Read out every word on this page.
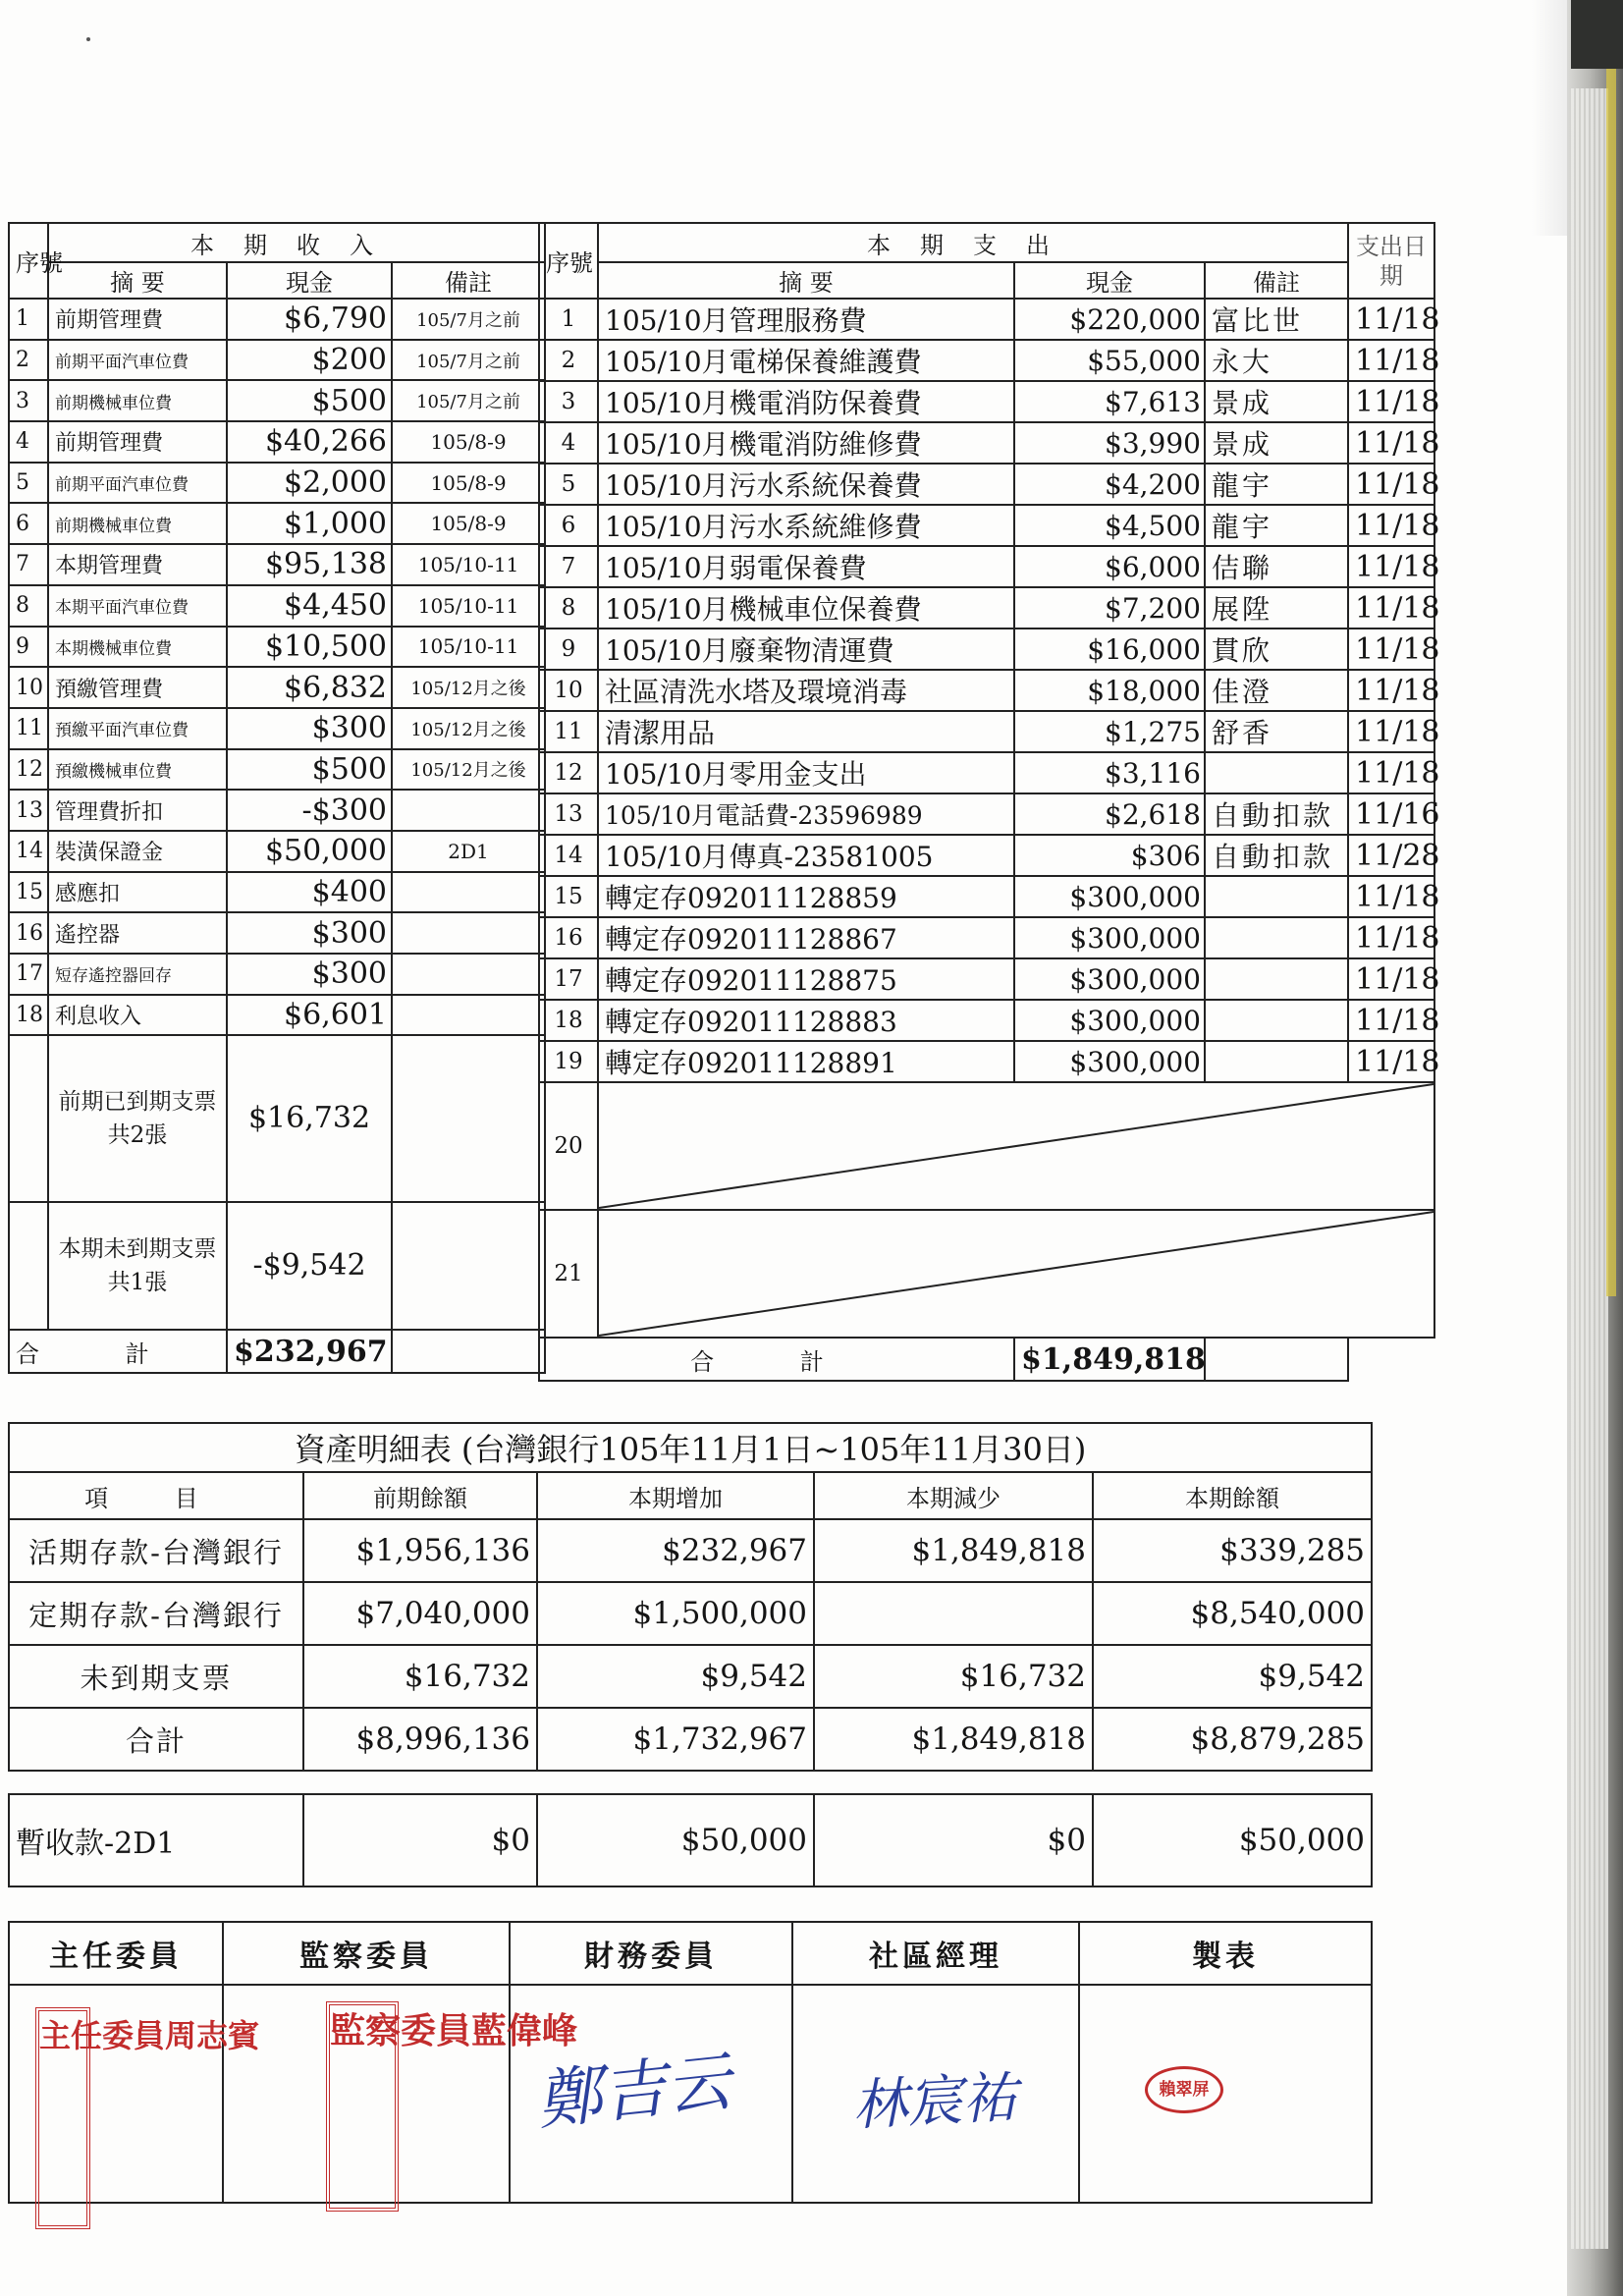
序號	本期收入		
	摘 要	現金	備註
1	前期管理費	$6,790	105/7月之前
2	前期平面汽車位費	$200	105/7月之前
3	前期機械車位費	$500	105/7月之前
4	前期管理費	$40,266	105/8-9
5	前期平面汽車位費	$2,000	105/8-9
6	前期機械車位費	$1,000	105/8-9
7	本期管理費	$95,138	105/10-11
8	本期平面汽車位費	$4,450	105/10-11
9	本期機械車位費	$10,500	105/10-11
10	預繳管理費	$6,832	105/12月之後
11	預繳平面汽車位費	$300	105/12月之後
12	預繳機械車位費	$500	105/12月之後
13	管理費折扣	-$300	
14	裝潢保證金	$50,000	2D1
15	感應扣	$400	
16	遙控器	$300	
17	短存遙控器回存	$300	
18	利息收入	$6,601	
	前期已到期支票共2張	$16,732	
	本期未到期支票共1張	-$9,542	
合 計		$232,967	
序號	本期支出			支出日期
	摘 要	現金	備註	
1	105/10月管理服務費	$220,000	富比世	11/18
2	105/10月電梯保養維護費	$55,000	永大	11/18
3	105/10月機電消防保養費	$7,613	景成	11/18
4	105/10月機電消防維修費	$3,990	景成	11/18
5	105/10月污水系統保養費	$4,200	龍宇	11/18
6	105/10月污水系統維修費	$4,500	龍宇	11/18
7	105/10月弱電保養費	$6,000	佶聯	11/18
8	105/10月機械車位保養費	$7,200	展陞	11/18
9	105/10月廢棄物清運費	$16,000	貫欣	11/18
10	社區清洗水塔及環境消毒	$18,000	佳澄	11/18
11	清潔用品	$1,275	舒香	11/18
12	105/10月零用金支出	$3,116		11/18
13	105/10月電話費-23596989	$2,618	自動扣款	11/16
14	105/10月傳真-23581005	$306	自動扣款	11/28
15	轉定存092011128859	$300,000		11/18
16	轉定存092011128867	$300,000		11/18
17	轉定存092011128875	$300,000		11/18
18	轉定存092011128883	$300,000		11/18
19	轉定存092011128891	$300,000		11/18
20	

21	

合 計		$1,849,818		
資產明細表 (台灣銀行105年11月1日~105年11月30日)				
項 目	前期餘額	本期增加	本期減少	本期餘額
活期存款-台灣銀行	$1,956,136	$232,967	$1,849,818	$339,285
定期存款-台灣銀行	$7,040,000	$1,500,000		$8,540,000
未到期支票	$16,732	$9,542	$16,732	$9,542
合計	$8,996,136	$1,732,967	$1,849,818	$8,879,285

暫收款-2D1	$0	$50,000	$0	$50,000
主任委員	監察委員	財務委員	社區經理	製表

主任委員周志賓	監察委員藍偉峰	鄭吉云	林宸祐	賴翠屏
